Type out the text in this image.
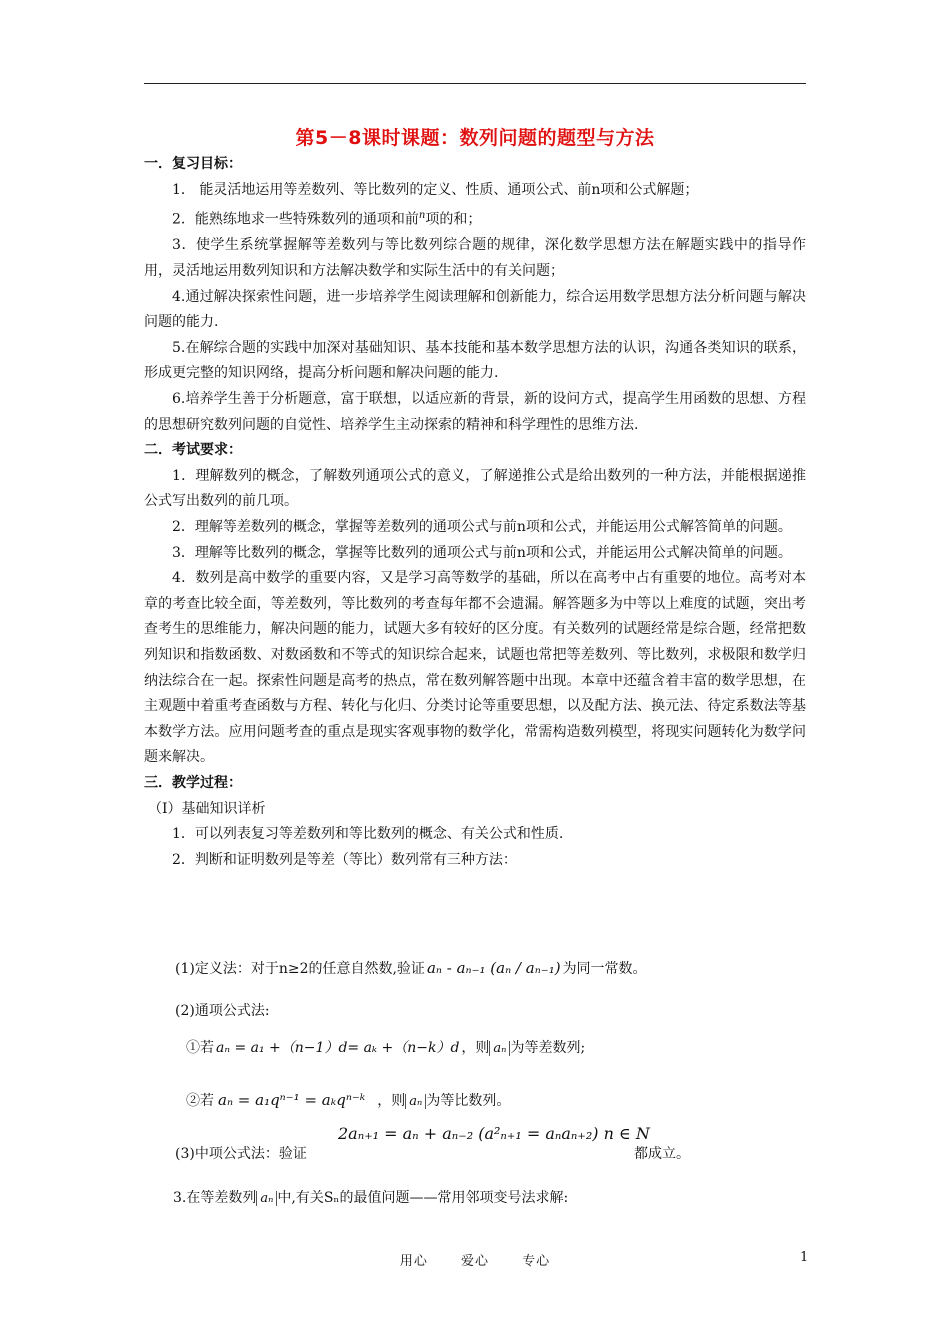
第5－8课时课题：数列问题的题型与方法
一．复习目标：

1． 能灵活地运用等差数列、等比数列的定义、性质、通项公式、前n项和公式解题；

2．能熟练地求一些特殊数列的通项和前$^n$项的和；

3．使学生系统掌握解等差数列与等比数列综合题的规律，深化数学思想方法在解题实践中的指导作用，灵活地运用数列知识和方法解决数学和实际生活中的有关问题；

4.通过解决探索性问题，进一步培养学生阅读理解和创新能力，综合运用数学思想方法分析问题与解决问题的能力.

5.在解综合题的实践中加深对基础知识、基本技能和基本数学思想方法的认识，沟通各类知识的联系，形成更完整的知识网络，提高分析问题和解决问题的能力.

6.培养学生善于分析题意，富于联想，以适应新的背景，新的设问方式，提高学生用函数的思想、方程的思想研究数列问题的自觉性、培养学生主动探索的精神和科学理性的思维方法.

二．考试要求：

1．理解数列的概念，了解数列通项公式的意义，了解递推公式是给出数列的一种方法，并能根据递推公式写出数列的前几项。

2．理解等差数列的概念，掌握等差数列的通项公式与前n项和公式，并能运用公式解答简单的问题。

3．理解等比数列的概念，掌握等比数列的通项公式与前n项和公式，并能运用公式解决简单的问题。

4．数列是高中数学的重要内容，又是学习高等数学的基础，所以在高考中占有重要的地位。高考对本章的考查比较全面，等差数列，等比数列的考查每年都不会遗漏。解答题多为中等以上难度的试题，突出考查考生的思维能力，解决问题的能力，试题大多有较好的区分度。有关数列的试题经常是综合题，经常把数列知识和指数函数、对数函数和不等式的知识综合起来，试题也常把等差数列、等比数列，求极限和数学归纳法综合在一起。探索性问题是高考的热点，常在数列解答题中出现。本章中还蕴含着丰富的数学思想，在主观题中着重考查函数与方程、转化与化归、分类讨论等重要思想，以及配方法、换元法、待定系数法等基本数学方法。应用问题考查的重点是现实客观事物的数学化，常需构造数列模型，将现实问题转化为数学问题来解决。

三．教学过程：

（Ⅰ）基础知识详析

1．可以列表复习等差数列和等比数列的概念、有关公式和性质.

2．判断和证明数列是等差（等比）数列常有三种方法：

(1)定义法：对于n≥2的任意自然数,验证 aₙ - aₙ₋₁ (aₙ / aₙ₋₁) 为同一常数。
(2)通项公式法:
①若 aₙ = a₁ +（n−1）d= aₖ +（n−k）d ，则 aₙ 为等差数列;
②若 aₙ = a₁qⁿ⁻¹ = aₖqⁿ⁻ᵏ ，则 aₙ 为等比数列。
(3)中项公式法：验证
2aₙ₊₁ = aₙ + aₙ₋₂ (a²ₙ₊₁ = aₙaₙ₊₂) n ∈ N
都成立。
3.在等差数列 aₙ 中,有关Sₙ的最值问题——常用邻项变号法求解:
用心	爱心	专心	1
